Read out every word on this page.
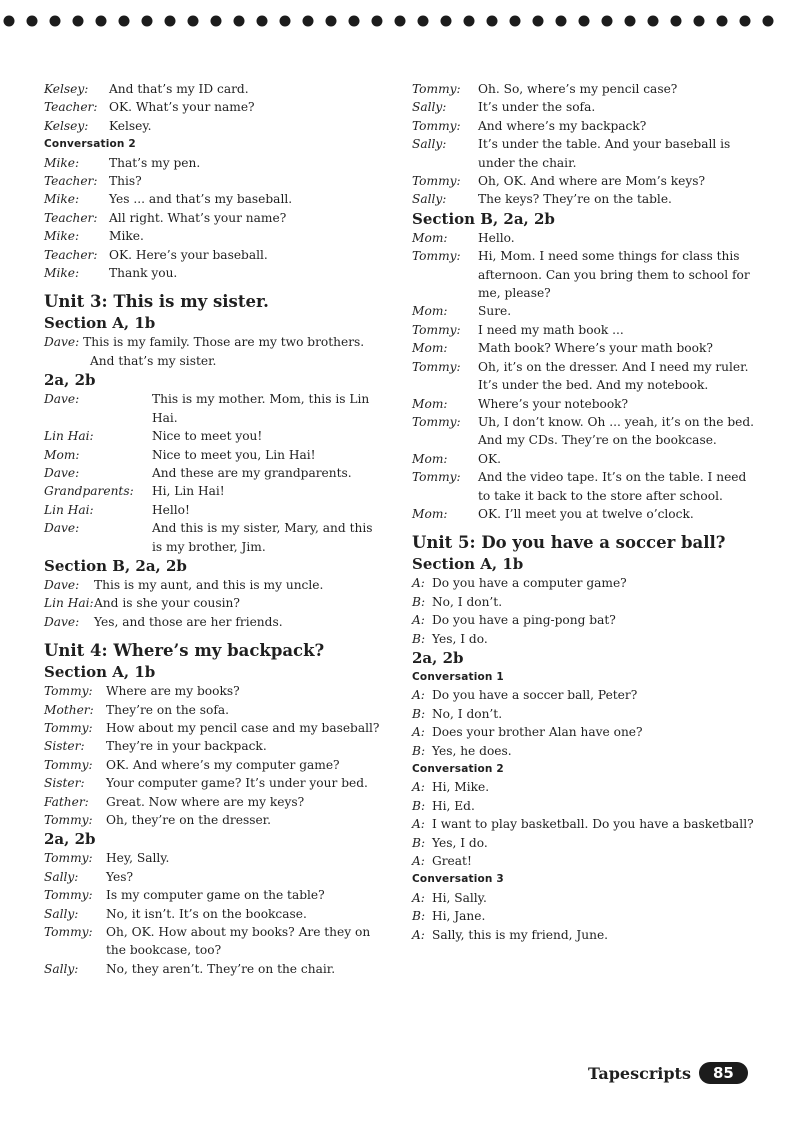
Kelsey:	And that’s my ID card.
Teacher: OK. What’s your name?
Kelsey:	Kelsey.
Conversation 2
Mike:	That’s my pen.
Teacher: This?
Mike:	Yes ... and that’s my baseball.
Teacher: All right. What’s your name?
Mike:	Mike.
Teacher: OK. Here’s your baseball.
Mike:	Thank you.
Unit 3: This is my sister.
Section A, 1b
Dave: This is my family. Those are my two brothers. And that’s my sister.
2a, 2b
Dave:	This is my mother. Mom, this is Lin Hai.
Lin Hai:	Nice to meet you!
Mom:	Nice to meet you, Lin Hai!
Dave:	And these are my grandparents.
Grandparents:	Hi, Lin Hai!
Lin Hai:	Hello!
Dave:	And this is my sister, Mary, and this is my brother, Jim.
Section B, 2a, 2b
Dave:	This is my aunt, and this is my uncle.
Lin Hai: And is she your cousin?
Dave:	Yes, and those are her friends.
Unit 4: Where’s my backpack?
Section A, 1b
Tommy:	Where are my books?
Mother:	They’re on the sofa.
Tommy:	How about my pencil case and my baseball?
Sister:	They’re in your backpack.
Tommy:	OK. And where’s my computer game?
Sister:	Your computer game? It’s under your bed.
Father:	Great. Now where are my keys?
Tommy:	Oh, they’re on the dresser.
2a, 2b
Tommy:	Hey, Sally.
Sally:	Yes?
Tommy:	Is my computer game on the table?
Sally:	No, it isn’t. It’s on the bookcase.
Tommy:	Oh, OK. How about my books? Are they on the bookcase, too?
Sally:	No, they aren’t. They’re on the chair.
Tommy:	Oh. So, where’s my pencil case?
Sally:	It’s under the sofa.
Tommy:	And where’s my backpack?
Sally:	It’s under the table. And your baseball is under the chair.
Tommy:	Oh, OK. And where are Mom’s keys?
Sally:	The keys? They’re on the table.
Section B, 2a, 2b
Mom:	Hello.
Tommy:	Hi, Mom. I need some things for class this afternoon. Can you bring them to school for me, please?
Mom:	Sure.
Tommy:	I need my math book ...
Mom:	Math book? Where’s your math book?
Tommy:	Oh, it’s on the dresser. And I need my ruler. It’s under the bed. And my notebook.
Mom:	Where’s your notebook?
Tommy:	Uh, I don’t know. Oh ... yeah, it’s on the bed. And my CDs. They’re on the bookcase.
Mom:	OK.
Tommy:	And the video tape. It’s on the table. I need to take it back to the store after school.
Mom:	OK. I’ll meet you at twelve o’clock.
Unit 5: Do you have a soccer ball?
Section A, 1b
A: Do you have a computer game?
B: No, I don’t.
A: Do you have a ping-pong bat?
B: Yes, I do.
2a, 2b
Conversation 1
A: Do you have a soccer ball, Peter?
B: No, I don’t.
A: Does your brother Alan have one?
B: Yes, he does.
Conversation 2
A: Hi, Mike.
B: Hi, Ed.
A: I want to play basketball. Do you have a basketball?
B: Yes, I do.
A: Great!
Conversation 3
A: Hi, Sally.
B: Hi, Jane.
A: Sally, this is my friend, June.
Tapescripts	85
